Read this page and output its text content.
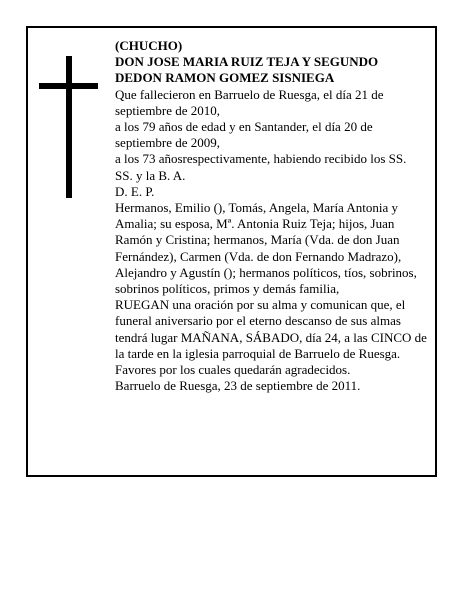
(CHUCHO)

DON JOSE MARIA RUIZ TEJA Y SEGUNDO DEDON RAMON GOMEZ SISNIEGA

Que fallecieron en Barruelo de Ruesga, el día 21 de septiembre de 2010,

a los 79 años de edad y en Santander, el día 20 de septiembre de 2009,

a los 73 añosrespectivamente, habiendo recibido los SS. SS. y la B. A.

D. E. P.

Hermanos, Emilio (), Tomás, Angela, María Antonia y Amalia; su esposa, Mª. Antonia Ruiz Teja; hijos, Juan Ramón y Cristina; hermanos, María (Vda. de don Juan Fernández), Carmen (Vda. de don Fernando Madrazo), Alejandro y Agustín (); hermanos políticos, tíos, sobrinos, sobrinos políticos, primos y demás familia,

RUEGAN una oración por su alma y comunican que, el funeral aniversario por el eterno descanso de sus almas tendrá lugar MAÑANA, SÁBADO, día 24, a las CINCO de la tarde en la iglesia parroquial de Barruelo de Ruesga. Favores por los cuales quedarán agradecidos.

Barruelo de Ruesga, 23 de septiembre de 2011.
